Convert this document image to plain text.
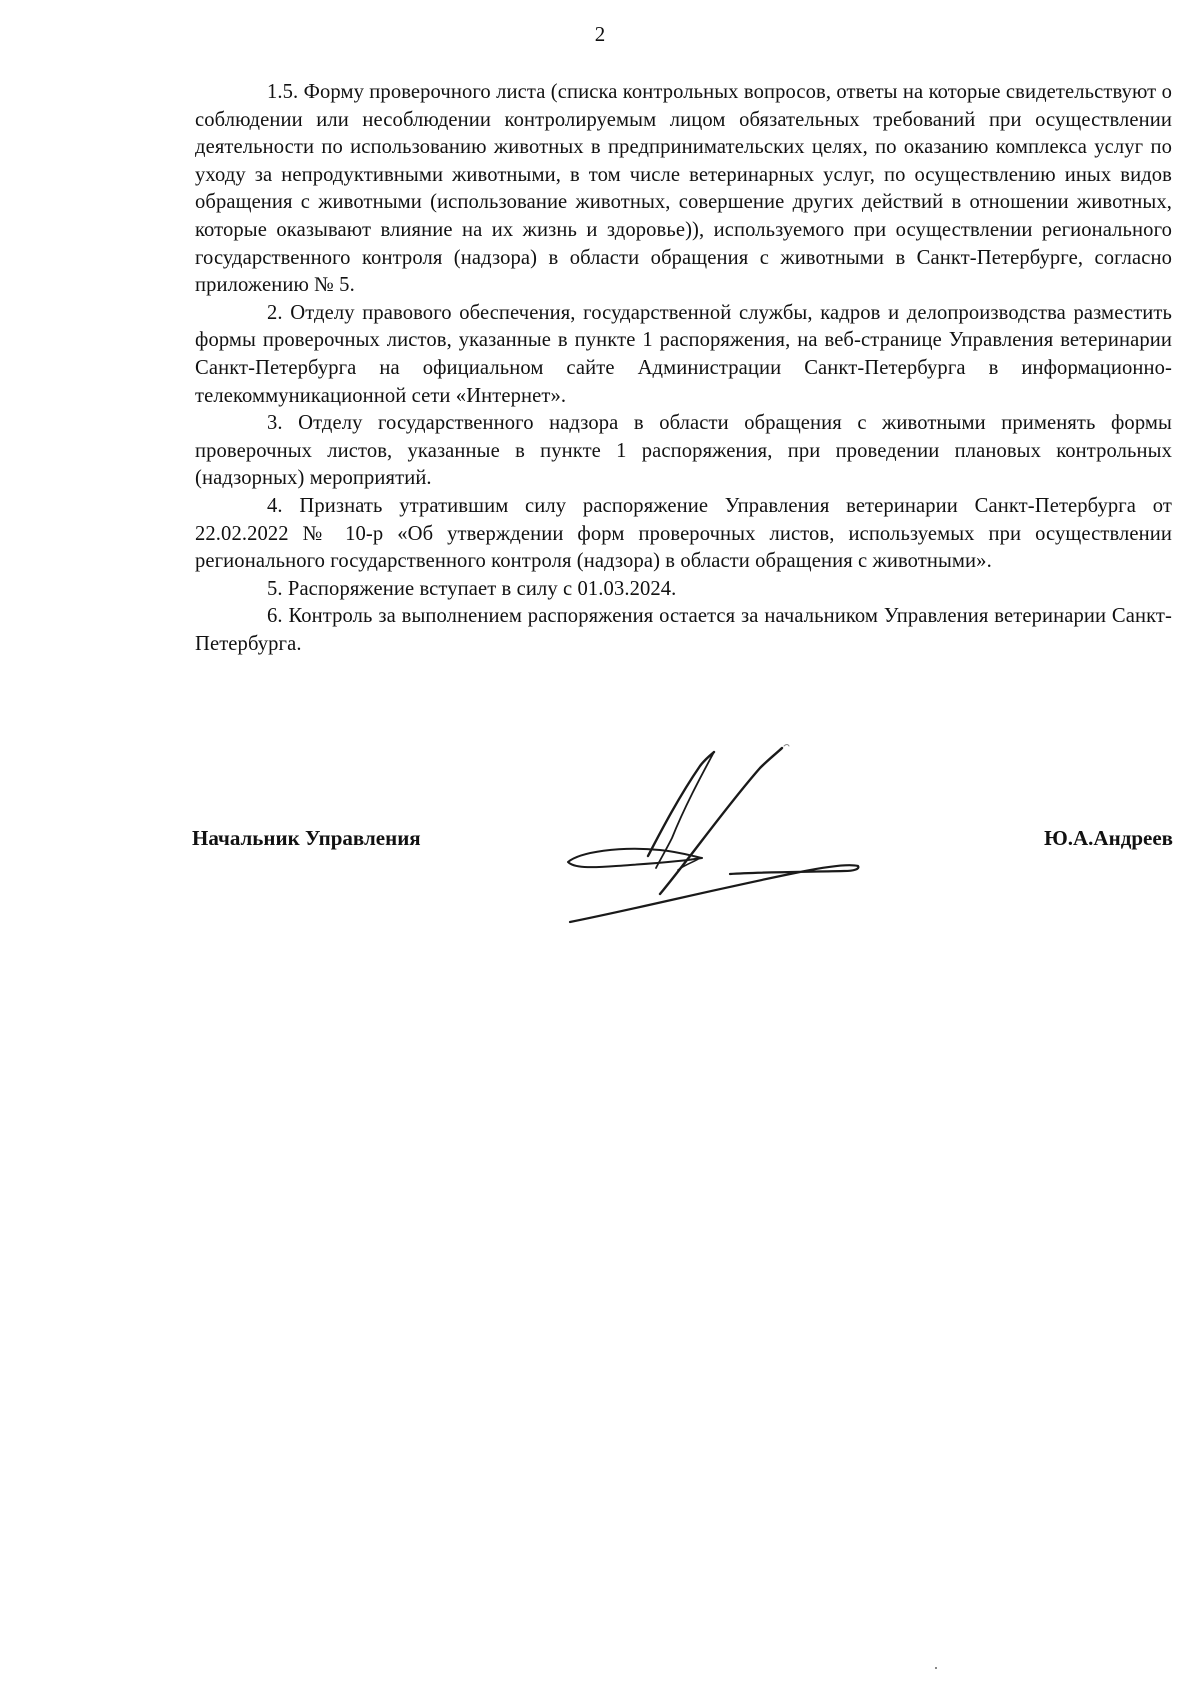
2

1.5. Форму проверочного листа (списка контрольных вопросов, ответы на которые свидетельствуют о соблюдении или несоблюдении контролируемым лицом обязательных требований при осуществлении деятельности по использованию животных в предпринимательских целях, по оказанию комплекса услуг по уходу за непродуктивными животными, в том числе ветеринарных услуг, по осуществлению иных видов обращения с животными (использование животных, совершение других действий в отношении животных, которые оказывают влияние на их жизнь и здоровье)), используемого при осуществлении регионального государственного контроля (надзора) в области обращения с животными в Санкт-Петербурге, согласно приложению № 5.

2. Отделу правового обеспечения, государственной службы, кадров и делопроизводства разместить формы проверочных листов, указанные в пункте 1 распоряжения, на веб-странице Управления ветеринарии Санкт-Петербурга на официальном сайте Администрации Санкт-Петербурга в информационно-телекоммуникационной сети «Интернет».

3. Отделу государственного надзора в области обращения с животными применять формы проверочных листов, указанные в пункте 1 распоряжения, при проведении плановых контрольных (надзорных) мероприятий.

4. Признать утратившим силу распоряжение Управления ветеринарии Санкт-Петербурга от 22.02.2022 № 10-р «Об утверждении форм проверочных листов, используемых при осуществлении регионального государственного контроля (надзора) в области обращения с животными».

5. Распоряжение вступает в силу с 01.03.2024.

6. Контроль за выполнением распоряжения остается за начальником Управления ветеринарии Санкт-Петербурга.

Начальник Управления	Ю.А.Андреев
